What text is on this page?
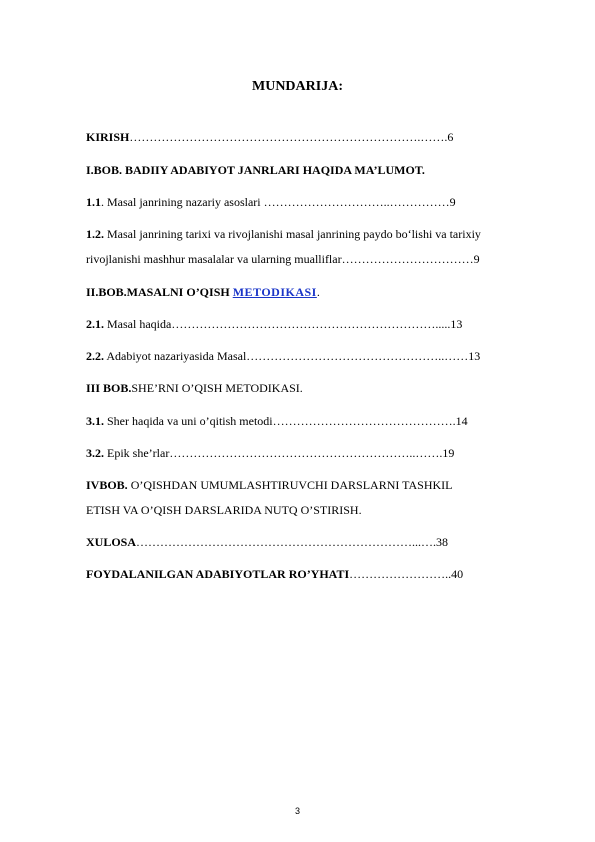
MUNDARIJA:
KIRISH……………………………………………………………….…….6
I.BOB. BADIIY ADABIYOT JANRLARI HAQIDA MA’LUMOT.
1.1. Masal janrining nazariy asoslari …………………………..……………9
1.2. Masal janrining tarixi va rivojlanishi masal janrining paydo bo‘lishi va tarixiy
rivojlanishi mashhur masalalar va ularning mualliflar……………………………9
II.BOB.MASALNI O’QISH METODIKASI.
2.1. Masal haqida………………………………………………………….....13
2.2. Adabiyot nazariyasida Masal…………………………………………..……13
III BOB.SHE’RNI O’QISH METODIKASI.
3.1. Sher haqida va uni o’qitish metodi……………………………………….14
3.2. Epik she’rlar……………………………………………………..…….19
IVBOB. O’QISHDAN UMUMLASHTIRUVCHI DARSLARNI TASHKIL
ETISH VA O’QISH DARSLARIDA NUTQ O’STIRISH.
XULOSA……………………………………………………………...….38
FOYDALANILGAN ADABIYOTLAR RO’YHATI……………………..40
3
